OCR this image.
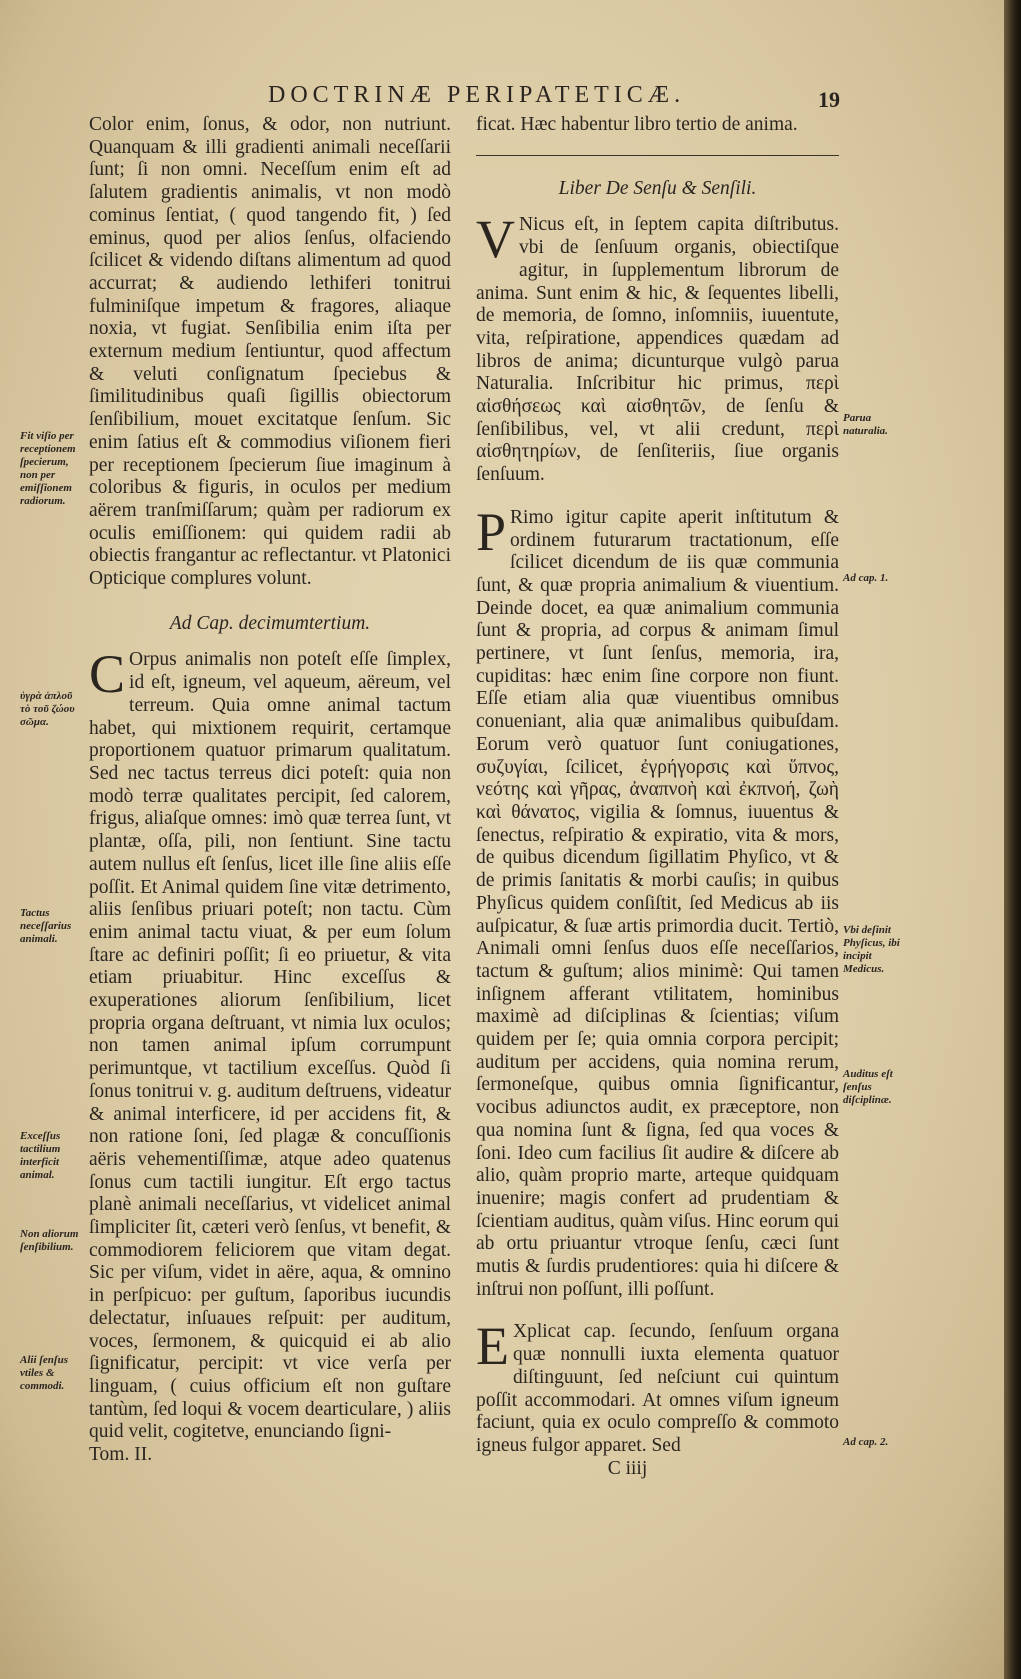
DOCTRINÆ PERIPATETICÆ.	19
Fit viſio per receptionem ſpecierum, non per emiſſionem radiorum.
ὑγρὰ ἁπλοῦ τὸ τοῦ ζώου σῶμα.
Tactus neceſſarius animali.
Exceſſus tactilium interficit animal.
Non aliorum ſenſibilium.
Alii ſenſus vtiles & commodi.
Parua naturalia.
Ad cap. 1.
Vbi deſinit Phyſicus, ibi incipit Medicus.
Auditus eſt ſenſus diſciplinæ.
Ad cap. 2.

Color enim, ſonus, & odor, non nutriunt. Quanquam & illi gradienti animali neceſſarii ſunt; ſi non omni. Neceſſum enim eſt ad ſalutem gradientis animalis, vt non modò cominus ſentiat, ( quod tangendo fit, ) ſed eminus, quod per alios ſenſus, olfaciendo ſcilicet & videndo diſtans alimentum ad quod accurrat; & audiendo lethiferi tonitrui fulminiſque impetum & fragores, aliaque noxia, vt fugiat. Senſibilia enim iſta per externum medium ſentiuntur, quod affectum & veluti conſignatum ſpeciebus & ſimilitudinibus quaſi ſigillis obiectorum ſenſibilium, mouet excitatque ſenſum. Sic enim ſatius eſt & commodius viſionem fieri per receptionem ſpecierum ſiue imaginum à coloribus & figuris, in oculos per medium aërem tranſmiſſarum; quàm per radiorum ex oculis emiſſionem: qui quidem radii ab obiectis frangantur ac reflectantur. vt Platonici Opticique complures volunt.

Ad Cap. decimumtertium.

C Orpus animalis non poteſt eſſe ſimplex, id eſt, igneum, vel aqueum, aëreum, vel terreum. Quia omne animal tactum habet, qui mixtionem requirit, certamque proportionem quatuor primarum qualitatum. Sed nec tactus terreus dici poteſt: quia non modò terræ qualitates percipit, ſed calorem, frigus, aliaſque omnes: imò quæ terrea ſunt, vt plantæ, oſſa, pili, non ſentiunt. Sine tactu autem nullus eſt ſenſus, licet ille ſine aliis eſſe poſſit. Et Animal quidem ſine vitæ detrimento, aliis ſenſibus priuari poteſt; non tactu. Cùm enim animal tactu viuat, & per eum ſolum ſtare ac definiri poſſit; ſi eo priuetur, & vita etiam priuabitur. Hinc exceſſus & exuperationes aliorum ſenſibilium, licet propria organa deſtruant, vt nimia lux oculos; non tamen animal ipſum corrumpunt perimuntque, vt tactilium exceſſus. Quòd ſi ſonus tonitrui v. g. auditum deſtruens, videatur & animal interficere, id per accidens fit, & non ratione ſoni, ſed plagæ & concuſſionis aëris vehementiſſimæ, atque adeo quatenus ſonus cum tactili iungitur. Eſt ergo tactus planè animali neceſſarius, vt videlicet animal ſimpliciter ſit, cæteri verò ſenſus, vt benefit, & commodiorem feliciorem que vitam degat. Sic per viſum, videt in aëre, aqua, & omnino in perſpicuo: per guſtum, ſaporibus iucundis delectatur, inſuaues reſpuit: per auditum, voces, ſermonem, & quicquid ei ab alio ſignificatur, percipit: vt vice verſa per linguam, ( cuius officium eſt non guſtare tantùm, ſed loqui & vocem dearticulare, ) aliis quid velit, cogitetve, enunciando ſigni-

Tom. II.

ficat. Hæc habentur libro tertio de anima.

Liber De Senſu & Senſili.

V Nicus eſt, in ſeptem capita diſtributus. vbi de ſenſuum organis, obiectiſque agitur, in ſupplementum librorum de anima. Sunt enim & hic, & ſequentes libelli, de memoria, de ſomno, inſomniis, iuuentute, vita, reſpiratione, appendices quædam ad libros de anima; dicunturque vulgò parua Naturalia. Inſcribitur hic primus, περὶ αἰσθήσεως καὶ αἰσθητῶν, de ſenſu & ſenſibilibus, vel, vt alii credunt, περὶ αἰσθητηρίων, de ſenſiteriis, ſiue organis ſenſuum.

P Rimo igitur capite aperit inſtitutum & ordinem futurarum tractationum, eſſe ſcilicet dicendum de iis quæ communia ſunt, & quæ propria animalium & viuentium. Deinde docet, ea quæ animalium communia ſunt & propria, ad corpus & animam ſimul pertinere, vt ſunt ſenſus, memoria, ira, cupiditas: hæc enim ſine corpore non fiunt. Eſſe etiam alia quæ viuentibus omnibus conueniant, alia quæ animalibus quibuſdam. Eorum verò quatuor ſunt coniugationes, συζυγίαι, ſcilicet, ἐγρήγορσις καὶ ὕπνος, νεότης καὶ γῆρας, ἀναπνοὴ καὶ ἐκπνοή, ζωὴ καὶ θάνατος, vigilia & ſomnus, iuuentus & ſenectus, reſpiratio & expiratio, vita & mors, de quibus dicendum ſigillatim Phyſico, vt & de primis ſanitatis & morbi cauſis; in quibus Phyſicus quidem conſiſtit, ſed Medicus ab iis auſpicatur, & ſuæ artis primordia ducit. Tertiò, Animali omni ſenſus duos eſſe neceſſarios, tactum & guſtum; alios minimè: Qui tamen inſignem afferant vtilitatem, hominibus maximè ad diſciplinas & ſcientias; viſum quidem per ſe; quia omnia corpora percipit; auditum per accidens, quia nomina rerum, ſermoneſque, quibus omnia ſignificantur, vocibus adiunctos audit, ex præceptore, non qua nomina ſunt & ſigna, ſed qua voces & ſoni. Ideo cum facilius ſit audire & diſcere ab alio, quàm proprio marte, arteque quidquam inuenire; magis confert ad prudentiam & ſcientiam auditus, quàm viſus. Hinc eorum qui ab ortu priuantur vtroque ſenſu, cæci ſunt mutis & ſurdis prudentiores: quia hi diſcere & inſtrui non poſſunt, illi poſſunt.

E Xplicat cap. ſecundo, ſenſuum organa quæ nonnulli iuxta elementa quatuor diſtinguunt, ſed neſciunt cui quintum poſſit accommodari. At omnes viſum igneum faciunt, quia ex oculo compreſſo & commoto igneus fulgor apparet. Sed

C iiij
